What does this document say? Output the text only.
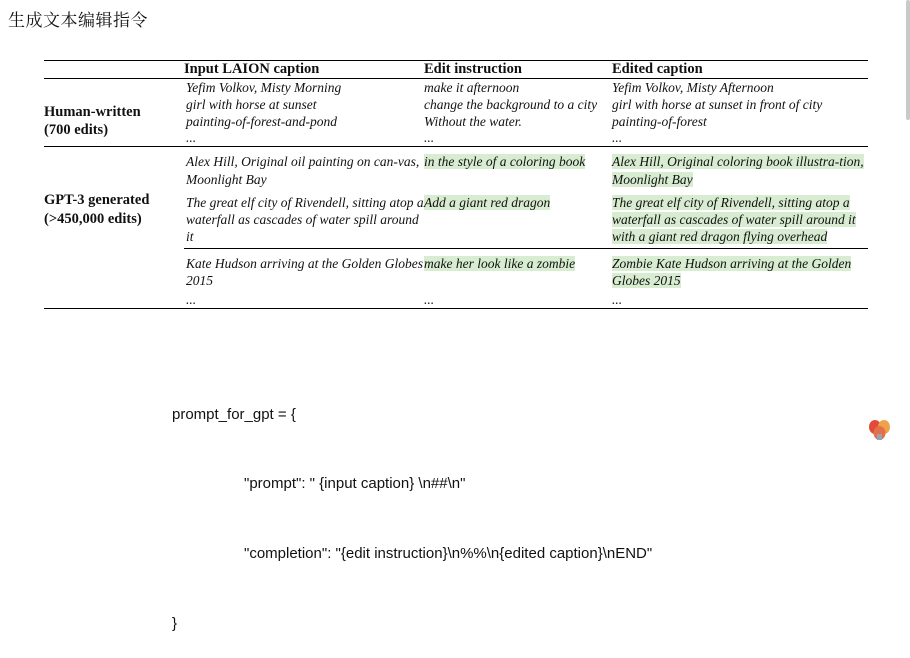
生成文本编辑指令
	Input LAION caption	Edit instruction	Edited caption

Human-written
(700 edits)	Yefim Volkov, Misty Morning	make it afternoon	Yefim Volkov, Misty Afternoon
	girl with horse at sunset	change the background to a city	girl with horse at sunset in front of city
	painting-of-forest-and-pond	Without the water.	painting-of-forest
	...	...	...

GPT-3 generated
(>450,000 edits)	Alex Hill, Original oil painting on can-vas, Moonlight Bay	in the style of a coloring book	Alex Hill, Original coloring book illustra-tion, Moonlight Bay
	The great elf city of Rivendell, sitting atop a waterfall as cascades of water spill around it	Add a giant red dragon	The great elf city of Rivendell, sitting atop a waterfall as cascades of water spill around it with a giant red dragon flying overhead
	Kate Hudson arriving at the Golden Globes 2015	make her look like a zombie	Zombie Kate Hudson arriving at the Golden Globes 2015
	...	...	...

prompt_for_gpt = {

"prompt": " {input caption} \n##\n"

"completion": "{edit instruction}\n%%\n{edited caption}\nEND"

}
